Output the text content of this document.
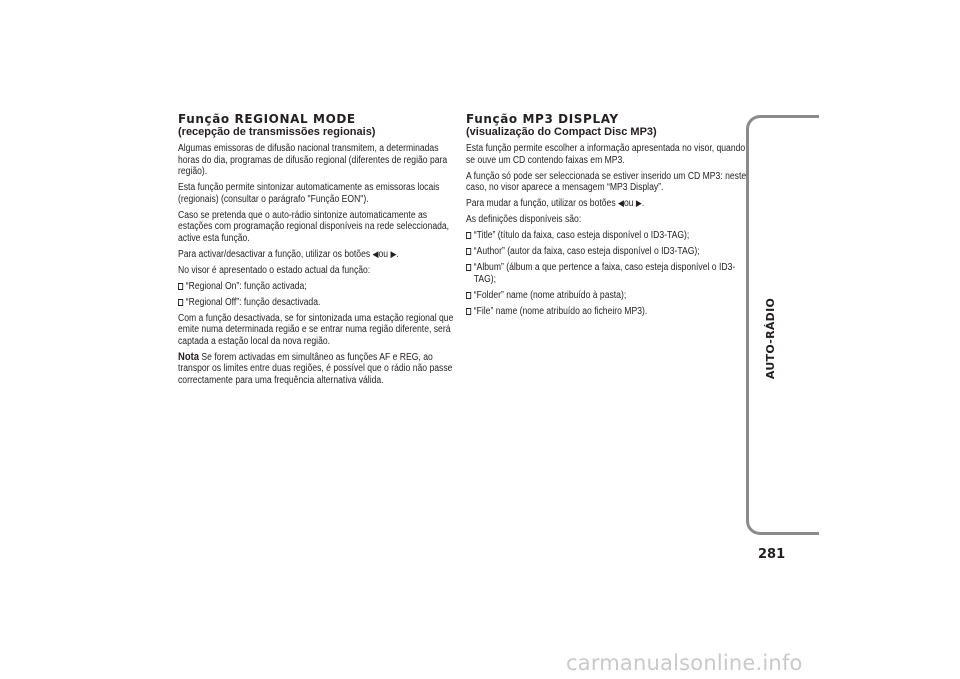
Função REGIONAL MODE

(recepção de transmissões regionais)

Algumas emissoras de difusão nacional transmitem, a determinadas horas do dia, programas de difusão regional (diferentes de região para região).
Esta função permite sintonizar automaticamente as emissoras locais (regionais) (consultar o parágrafo "Função EON").
Caso se pretenda que o auto-rádio sintonize automaticamente as estações com programação regional disponíveis na rede seleccionada, active esta função.
Para activar/desactivar a função, utilizar os botões ◀ou ▶.
No visor é apresentado o estado actual da função:
“Regional On”: função activada;
“Regional Off”: função desactivada.
Com a função desactivada, se for sintonizada uma estação regional que emite numa determinada região e se entrar numa região diferente, será captada a estação local da nova região.
Nota Se forem activadas em simultâneo as funções AF e REG, ao transpor os limites entre duas regiões, é possível que o rádio não passe correctamente para uma frequência alternativa válida.

Função MP3 DISPLAY

(visualização do Compact Disc MP3)

Esta função permite escolher a informação apresentada no visor, quando se ouve um CD contendo faixas em MP3.
A função só pode ser seleccionada se estiver inserido um CD MP3: neste caso, no visor aparece a mensagem “MP3 Display”.
Para mudar a função, utilizar os botões ◀ou ▶.
As definições disponíveis são:
“Title” (título da faixa, caso esteja disponível o ID3-TAG);
“Author” (autor da faixa, caso esteja disponível o ID3-TAG);
“Album” (álbum a que pertence a faixa, caso esteja disponível o ID3-TAG);
“Folder” name (nome atribuído à pasta);
“File” name (nome atribuído ao ficheiro MP3).	AUTO-RÁDIO
281
carmanualsonline.info
